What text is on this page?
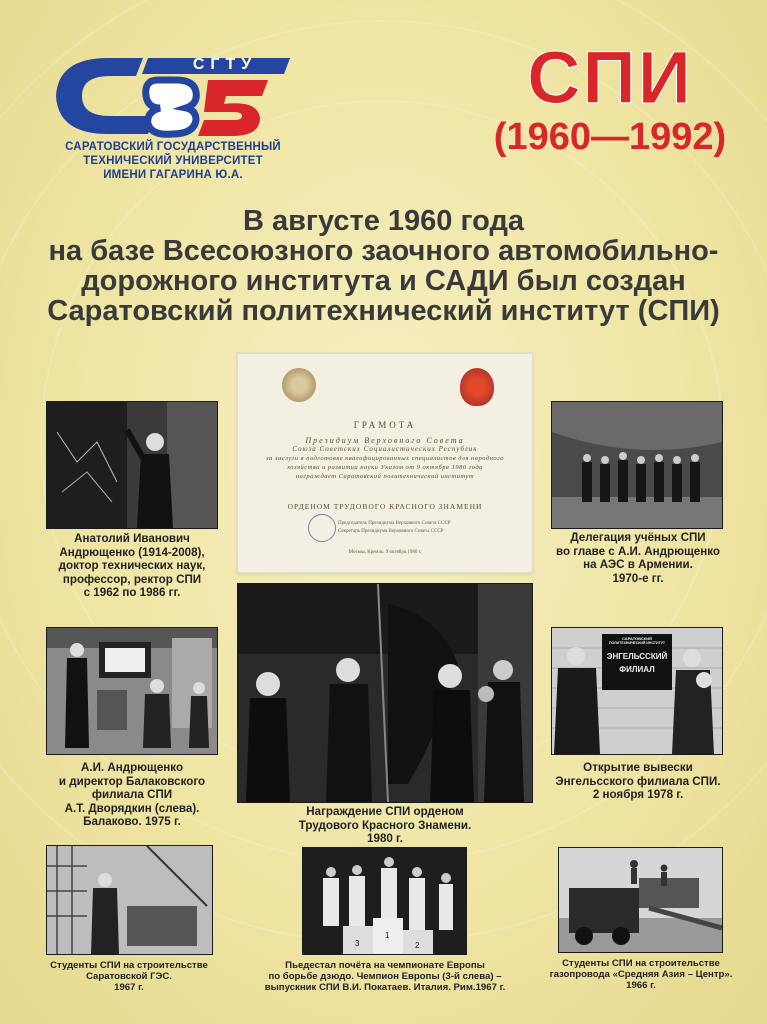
СГТУ
САРАТОВСКИЙ ГОСУДАРСТВЕННЫЙ
ТЕХНИЧЕСКИЙ УНИВЕРСИТЕТ
ИМЕНИ ГАГАРИНА Ю.А.
СПИ
(1960—1992)
В августе 1960 года
на базе Всесоюзного заочного автомобильно-
дорожного института и САДИ был создан
Саратовский политехнический институт (СПИ)
ГРАМОТА
Президиум Верховного Совета
Союза Советских Социалистических Республик
за заслуги в подготовке квалифицированных специалистов для народного
хозяйства и развитии науки Указом от 9 октября 1980 года
награждает Саратовский политехнический институт
ОРДЕНОМ ТРУДОВОГО КРАСНОГО ЗНАМЕНИ
Председатель Президиума Верховного Совета СССР
Секретарь Президиума Верховного Совета СССР
Москва, Кремль. 9 октября 1980 г.
Анатолий Иванович
Андрющенко (1914-2008),
доктор технических наук,
профессор, ректор СПИ
с 1962 по 1986 гг.
Делегация учёных СПИ
во главе с А.И. Андрющенко
на АЭС в Армении.
1970-е гг.
А.И. Андрющенко
и директор Балаковского
филиала СПИ
А.Т. Дворядкин (слева).
Балаково. 1975 г.
Награждение СПИ орденом
Трудового Красного Знамени.
1980 г.
САРАТОВСКИЙ
ПОЛИТЕХНИЧЕСКИЙ ИНСТИТУТ
ЭНГЕЛЬССКИЙ
ФИЛИАЛ
Открытие вывески
Энгельсского филиала СПИ.
2 ноября 1978 г.
Студенты СПИ на строительстве
Саратовской ГЭС.
1967 г.
3
1
2
Пьедестал почёта на чемпионате Европы
по борьбе дзюдо. Чемпион Европы (3-й слева) –
выпускник СПИ В.И. Покатаев. Италия. Рим.1967 г.
Студенты СПИ на строительстве
газопровода «Средняя Азия – Центр».
1966 г.
